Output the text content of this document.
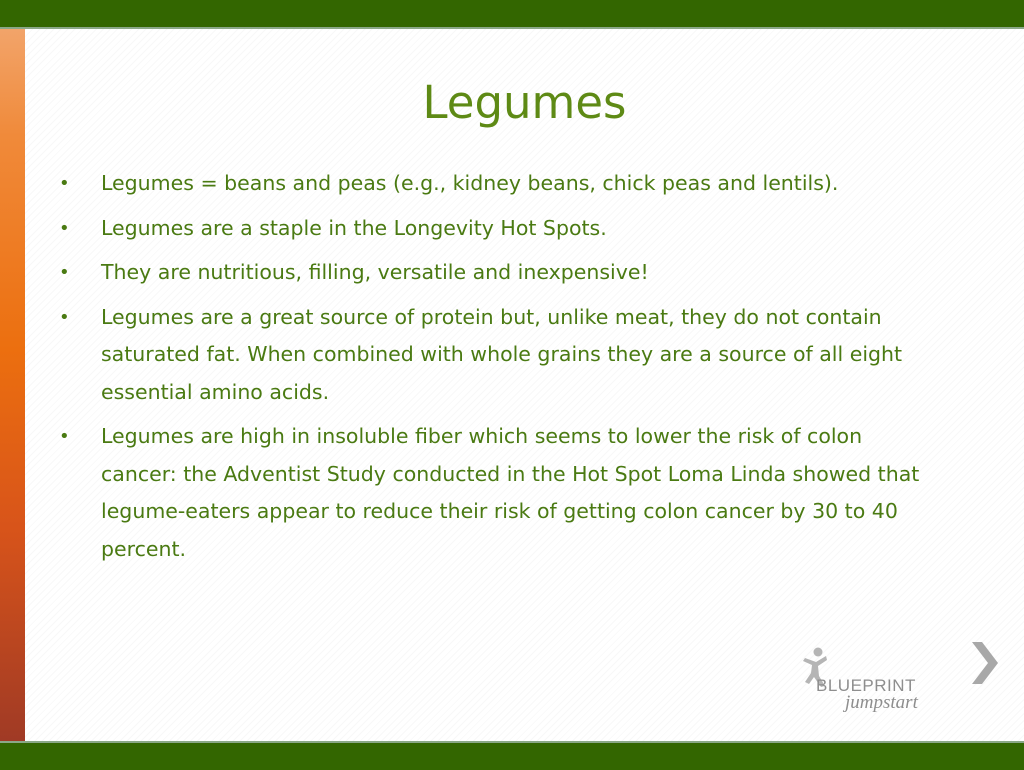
Legumes
• Legumes = beans and peas (e.g., kidney beans, chick peas and lentils).
• Legumes are a staple in the Longevity Hot Spots.
• They are nutritious, filling, versatile and inexpensive!
• Legumes are a great source of protein but, unlike meat, they do not contain saturated fat. When combined with whole grains they are a source of all eight essential amino acids.
• Legumes are high in insoluble fiber which seems to lower the risk of colon cancer: the Adventist Study conducted in the Hot Spot Loma Linda showed that legume-eaters appear to reduce their risk of getting colon cancer by 30 to 40 percent.
BLUEPRINT
jumpstart
